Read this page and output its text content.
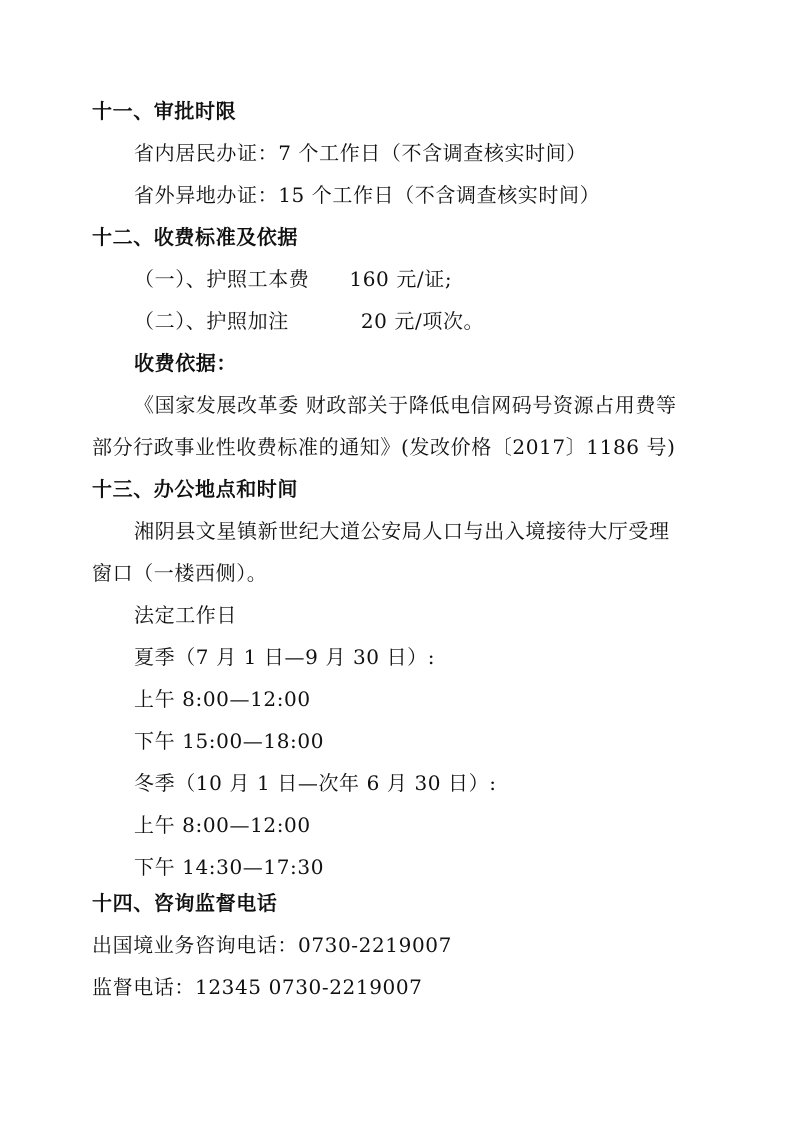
十一、审批时限
省内居民办证：7 个工作日（不含调查核实时间）
省外异地办证：15 个工作日（不含调查核实时间）
十二、收费标准及依据
（一）、护照工本费 160 元/证;
（二）、护照加注	20 元/项次。
收费依据：
《国家发展改革委 财政部关于降低电信网码号资源占用费等
部分行政事业性收费标准的通知》(发改价格〔2017〕1186 号)
十三、办公地点和时间
湘阴县文星镇新世纪大道公安局人口与出入境接待大厅受理
窗口（一楼西侧）。
法定工作日
夏季（7 月 1 日—9 月 30 日）:
上午 8:00—12:00
下午 15:00—18:00
冬季（10 月 1 日—次年 6 月 30 日）:
上午 8:00—12:00
下午 14:30—17:30
十四、咨询监督电话
出国境业务咨询电话：0730-2219007
监督电话：12345 0730-2219007
